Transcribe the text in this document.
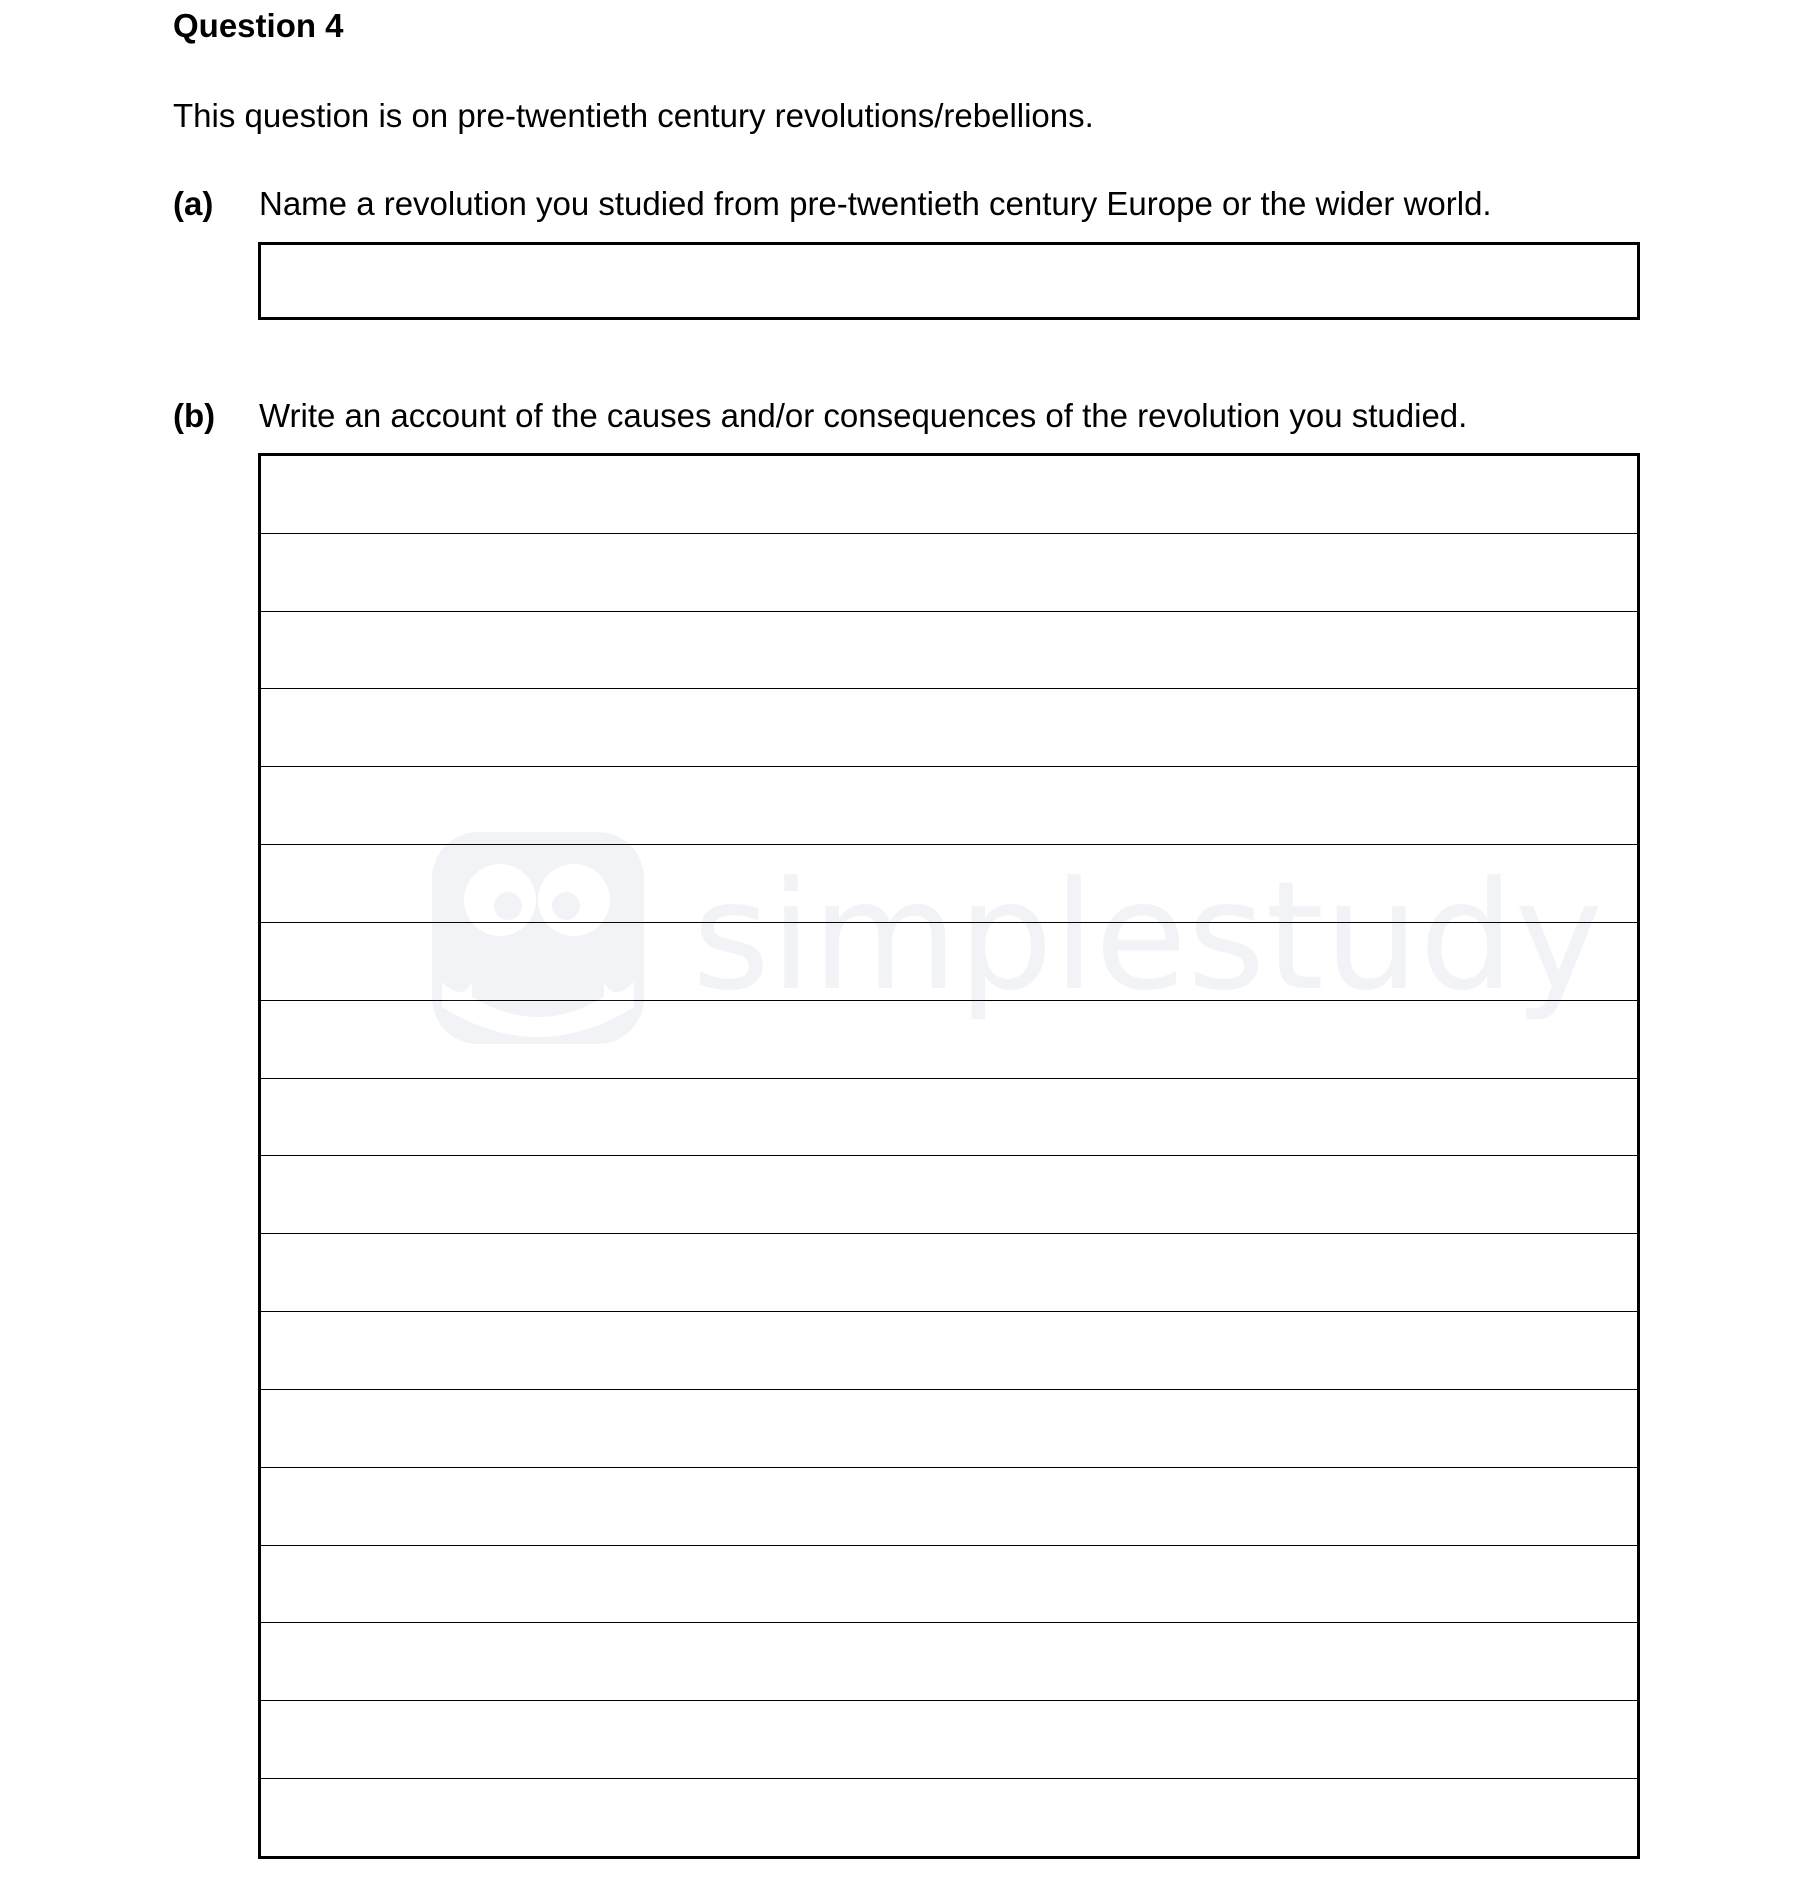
Question 4
This question is on pre-twentieth century revolutions/rebellions.
(a) Name a revolution you studied from pre-twentieth century Europe or the wider world.
(b) Write an account of the causes and/or consequences of the revolution you studied.
simplestudy
